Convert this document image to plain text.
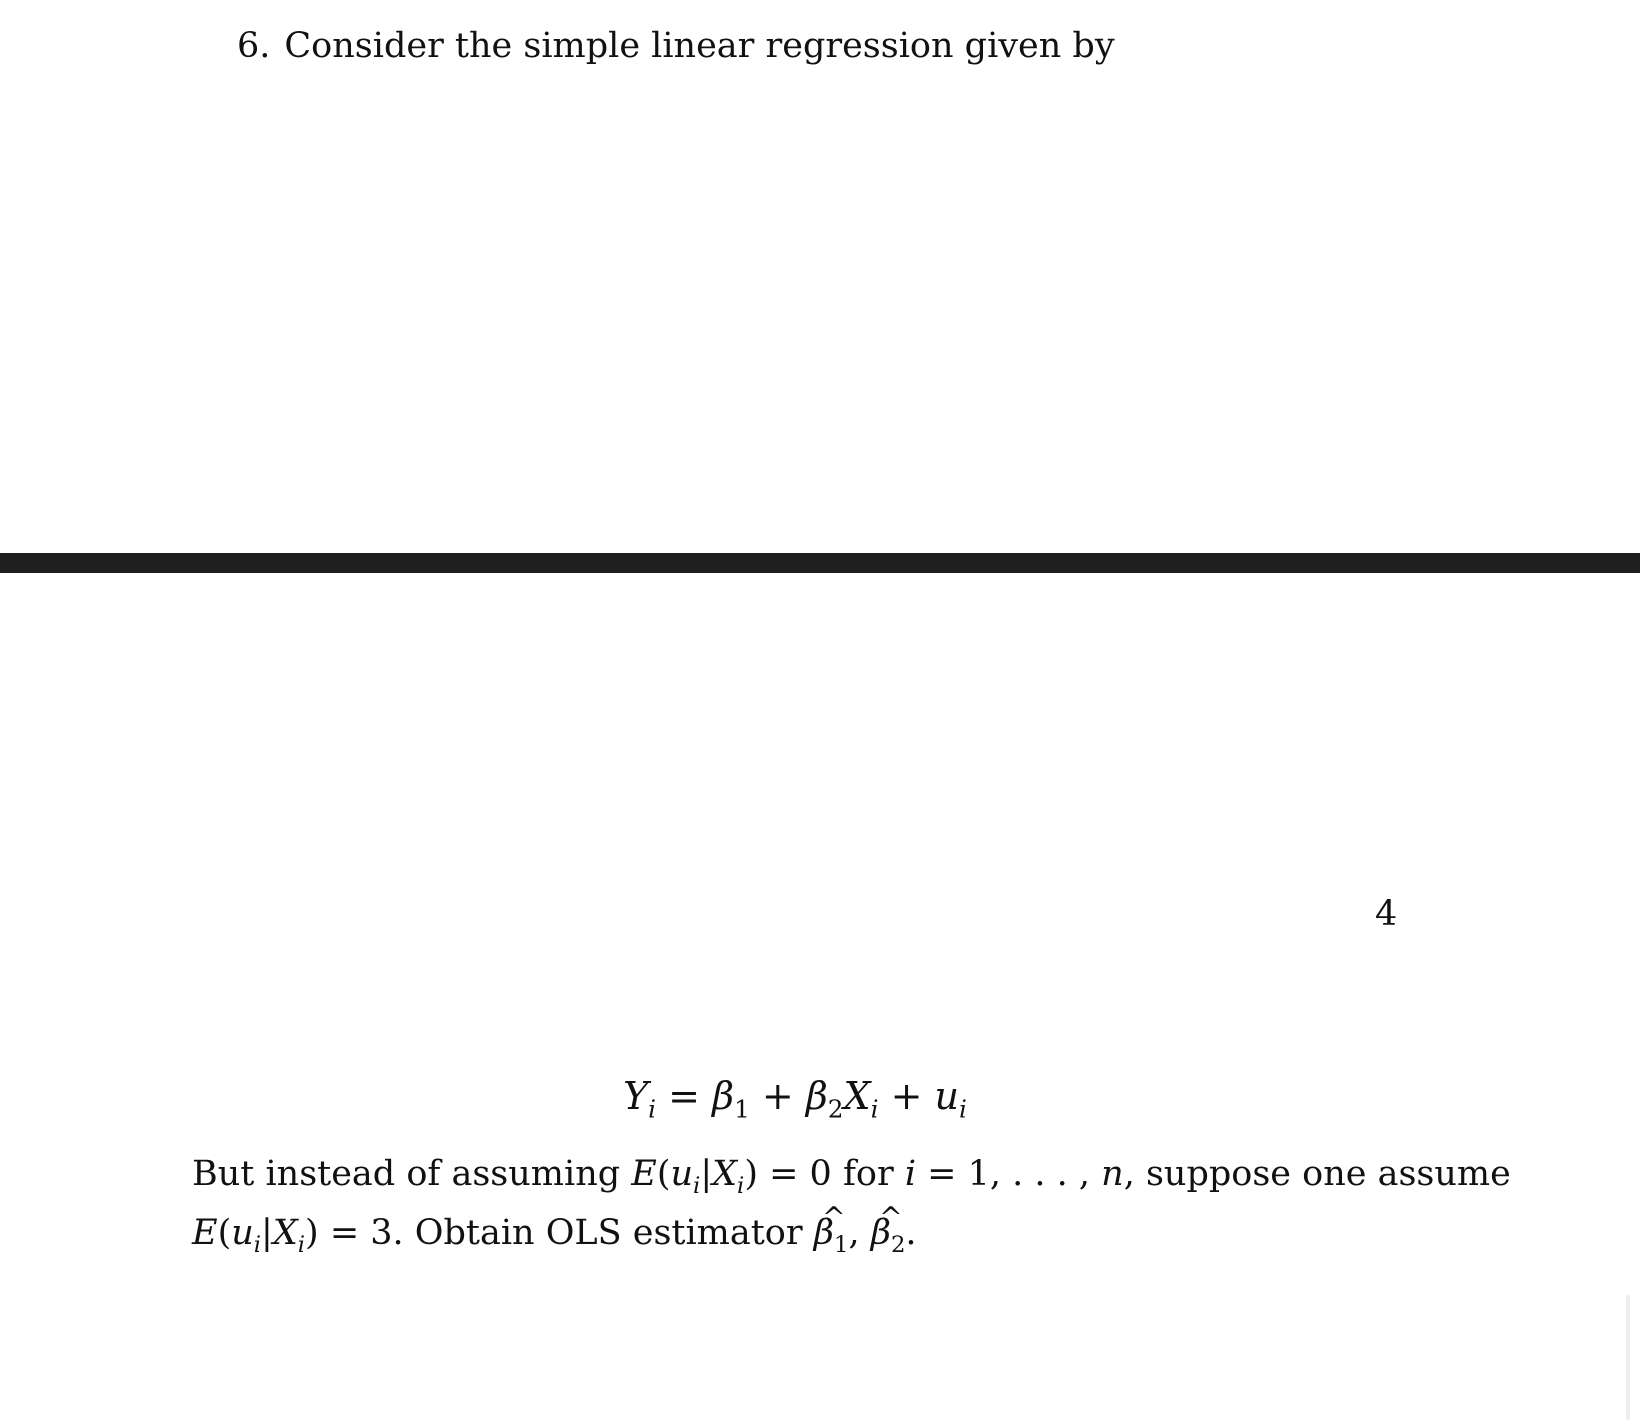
6. Consider the simple linear regression given by
4
$Y_i = \beta_1 + \beta_2X_i + u_i$
But instead of assuming $E(u_i|X_i) = 0$ for i = 1, . . . , n, suppose one assume
$E(u_i|X_i) = 3$. Obtain OLS estimator ^ $\beta_1$, ^ $\beta_2$.
